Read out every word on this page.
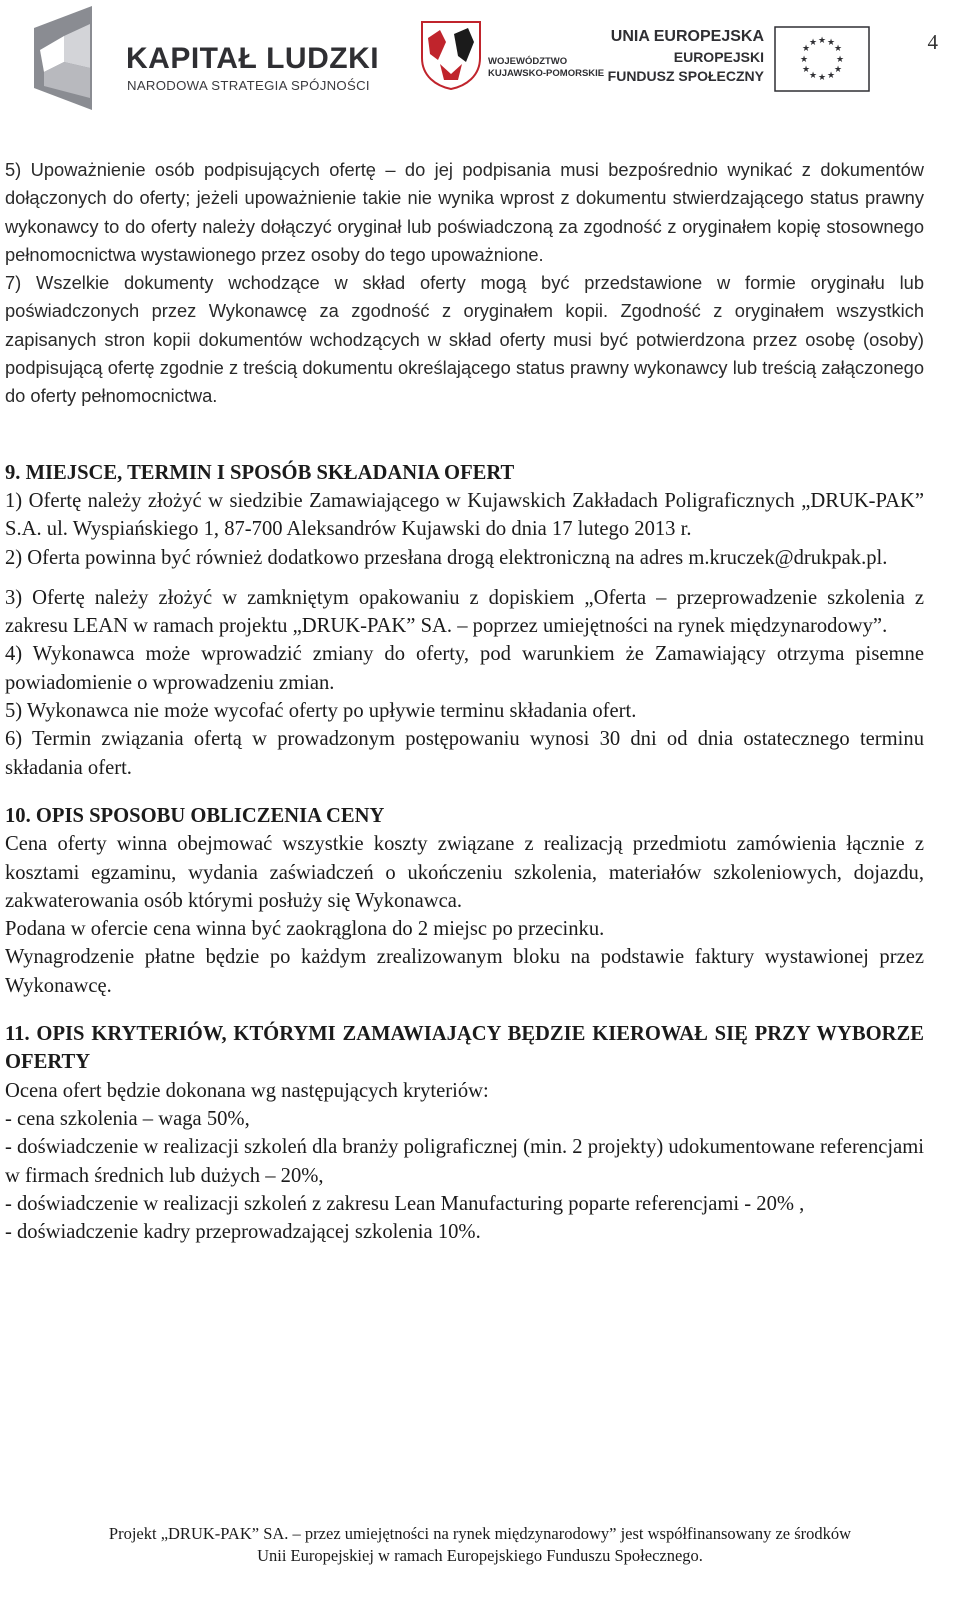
4
KAPITAŁ LUDZKI
NARODOWA STRATEGIA SPÓJNOŚCI
WOJEWÓDZTWO
KUJAWSKO-POMORSKIE
UNIA EUROPEJSKA
EUROPEJSKI
FUNDUSZ SPOŁECZNY
★ ★
★
★
★
★
★
★
★
★
★
★

5) Upoważnienie osób podpisujących ofertę – do jej podpisania musi bezpośrednio wynikać z dokumentów dołączonych do oferty; jeżeli upoważnienie takie nie wynika wprost z dokumentu stwierdzającego status prawny wykonawcy to do oferty należy dołączyć oryginał lub poświadczoną za zgodność z oryginałem kopię stosownego pełnomocnictwa wystawionego przez osoby do tego upoważnione.

7) Wszelkie dokumenty wchodzące w skład oferty mogą być przedstawione w formie oryginału lub poświadczonych przez Wykonawcę za zgodność z oryginałem kopii. Zgodność z oryginałem wszystkich zapisanych stron kopii dokumentów wchodzących w skład oferty musi być potwierdzona przez osobę (osoby) podpisującą ofertę zgodnie z treścią dokumentu określającego status prawny wykonawcy lub treścią załączonego do oferty pełnomocnictwa.

9. MIEJSCE, TERMIN I SPOSÓB SKŁADANIA OFERT

1) Ofertę należy złożyć w siedzibie Zamawiającego w Kujawskich Zakładach Poligraficznych „DRUK-PAK” S.A. ul. Wyspiańskiego 1, 87-700 Aleksandrów Kujawski do dnia 17 lutego 2013 r.

2) Oferta powinna być również dodatkowo przesłana drogą elektroniczną na adres m.kruczek@drukpak.pl.

3) Ofertę należy złożyć w zamkniętym opakowaniu z dopiskiem „Oferta – przeprowadzenie szkolenia z zakresu LEAN w ramach projektu „DRUK-PAK” SA. – poprzez umiejętności na rynek międzynarodowy”.

4) Wykonawca może wprowadzić zmiany do oferty, pod warunkiem że Zamawiający otrzyma pisemne powiadomienie o wprowadzeniu zmian.

5) Wykonawca nie może wycofać oferty po upływie terminu składania ofert.

6) Termin związania ofertą w prowadzonym postępowaniu wynosi 30 dni od dnia ostatecznego terminu składania ofert.

10. OPIS SPOSOBU OBLICZENIA CENY

Cena oferty winna obejmować wszystkie koszty związane z realizacją przedmiotu zamówienia łącznie z kosztami egzaminu, wydania zaświadczeń o ukończeniu szkolenia, materiałów szkoleniowych, dojazdu, zakwaterowania osób którymi posłuży się Wykonawca.

Podana w ofercie cena winna być zaokrąglona do 2 miejsc po przecinku.

Wynagrodzenie płatne będzie po każdym zrealizowanym bloku na podstawie faktury wystawionej przez Wykonawcę.

11. OPIS KRYTERIÓW, KTÓRYMI ZAMAWIAJĄCY BĘDZIE KIEROWAŁ SIĘ PRZY WYBORZE OFERTY

Ocena ofert będzie dokonana wg następujących kryteriów:

- cena szkolenia – waga 50%,

- doświadczenie w realizacji szkoleń dla branży poligraficznej (min. 2 projekty) udokumentowane referencjami w firmach średnich lub dużych – 20%,

- doświadczenie w realizacji szkoleń z zakresu Lean Manufacturing poparte referencjami - 20% ,

- doświadczenie kadry przeprowadzającej szkolenia 10%.

Projekt „DRUK-PAK” SA. – przez umiejętności na rynek międzynarodowy” jest współfinansowany ze środków
Unii Europejskiej w ramach Europejskiego Funduszu Społecznego.
